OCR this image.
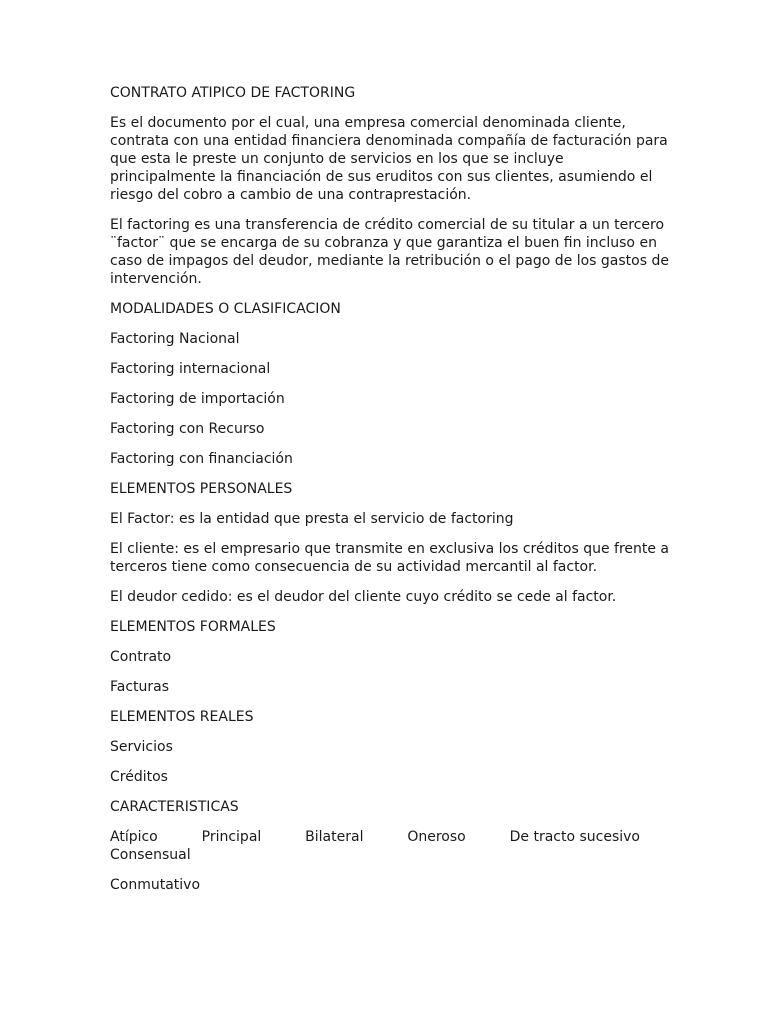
CONTRATO ATIPICO DE FACTORING

Es el documento por el cual, una empresa comercial denominada cliente, contrata con una entidad financiera denominada compañía de facturación para que esta le preste un conjunto de servicios en los que se incluye principalmente la financiación de sus eruditos con sus clientes, asumiendo el riesgo del cobro a cambio de una contraprestación.

El factoring es una transferencia de crédito comercial de su titular a un tercero ¨factor¨ que se encarga de su cobranza y que garantiza el buen fin incluso en caso de impagos del deudor, mediante la retribución o el pago de los gastos de intervención.

MODALIDADES O CLASIFICACION

Factoring Nacional

Factoring internacional

Factoring de importación

Factoring con Recurso

Factoring con financiación

ELEMENTOS PERSONALES

El Factor: es la entidad que presta el servicio de factoring

El cliente: es el empresario que transmite en exclusiva los créditos que frente a terceros tiene como consecuencia de su actividad mercantil al factor.

El deudor cedido: es el deudor del cliente cuyo crédito se cede al factor.

ELEMENTOS FORMALES

Contrato

Facturas

ELEMENTOS REALES

Servicios

Créditos

CARACTERISTICAS

Atípico	Principal	Bilateral	Oneroso	De tracto sucesivo
Consensual

Conmutativo
